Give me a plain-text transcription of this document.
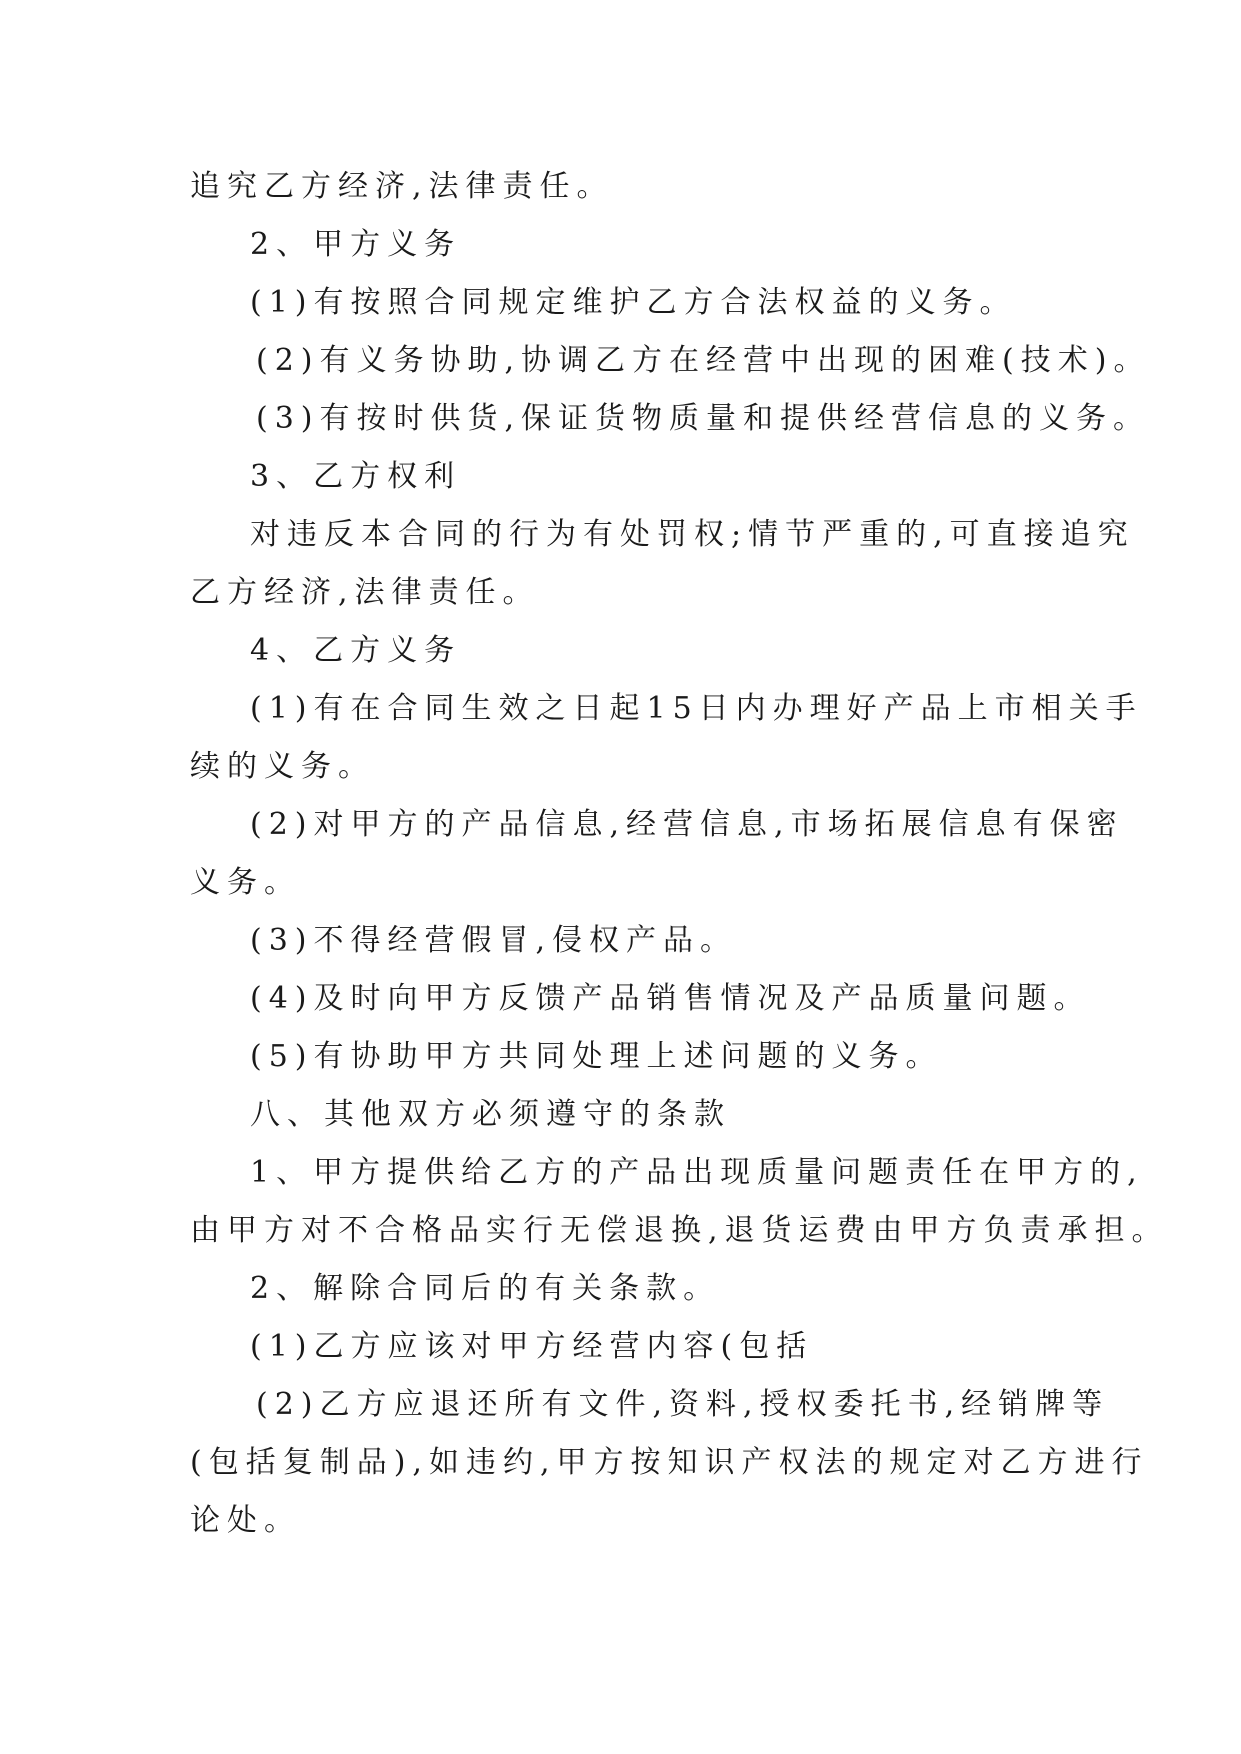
追究乙方经济,法律责任。

2、甲方义务

(1)有按照合同规定维护乙方合法权益的义务。

(2)有义务协助,协调乙方在经营中出现的困难(技术)。

(3)有按时供货,保证货物质量和提供经营信息的义务。

3、乙方权利

对违反本合同的行为有处罚权;情节严重的,可直接追究

乙方经济,法律责任。

4、乙方义务

(1)有在合同生效之日起15日内办理好产品上市相关手

续的义务。

(2)对甲方的产品信息,经营信息,市场拓展信息有保密

义务。

(3)不得经营假冒,侵权产品。

(4)及时向甲方反馈产品销售情况及产品质量问题。

(5)有协助甲方共同处理上述问题的义务。

八、其他双方必须遵守的条款

1、甲方提供给乙方的产品出现质量问题责任在甲方的,

由甲方对不合格品实行无偿退换,退货运费由甲方负责承担。

2、解除合同后的有关条款。

(1)乙方应该对甲方经营内容(包括

(2)乙方应退还所有文件,资料,授权委托书,经销牌等

(包括复制品),如违约,甲方按知识产权法的规定对乙方进行

论处。
